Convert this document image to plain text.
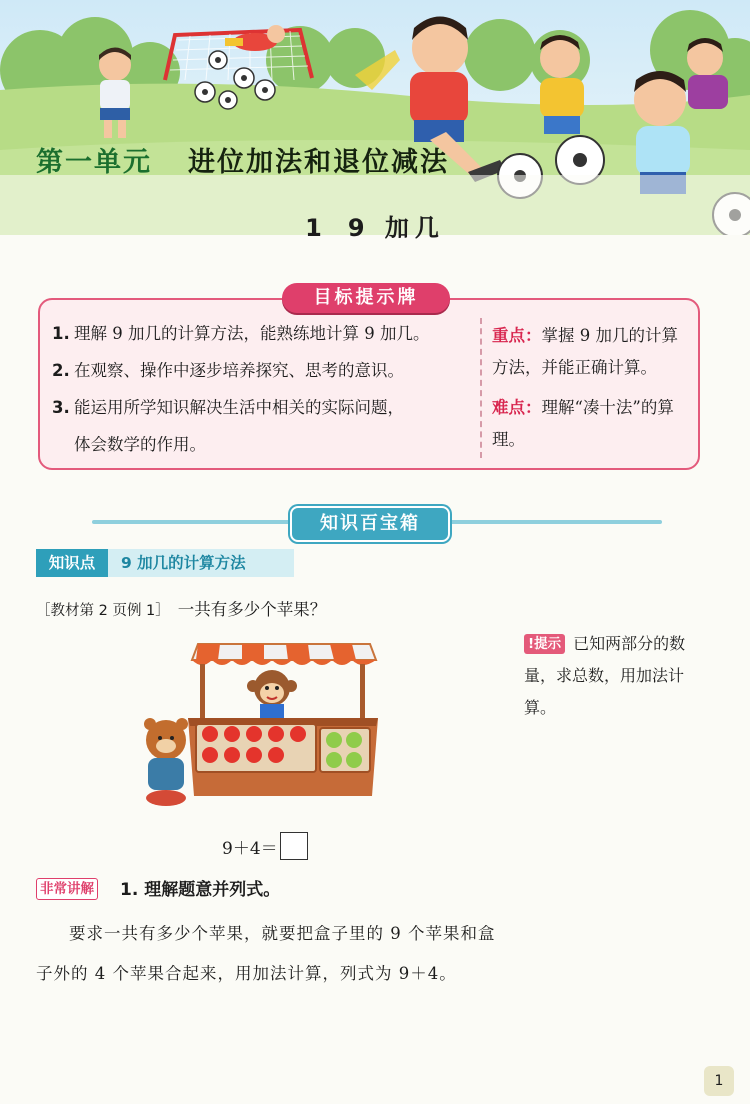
第一单元 进位加法和退位减法
1 9 加几
目标提示牌
1. 理解 9 加几的计算方法，能熟练地计算 9 加几。
2. 在观察、操作中逐步培养探究、思考的意识。
3. 能运用所学知识解决生活中相关的实际问题，
体会数学的作用。
重点：掌握 9 加几的计算方法，并能正确计算。
难点：理解“凑十法”的算理。
知识百宝箱
知识点	9 加几的计算方法
［教材第 2 页例 1］ 一共有多少个苹果？
!提示 已知两部分的数量，求总数，用加法计算。
9＋4＝
非常讲解 1. 理解题意并列式。
要求一共有多少个苹果，就要把盒子里的 9 个苹果和盒子外的 4 个苹果合起来，用加法计算，列式为 9＋4。
1
